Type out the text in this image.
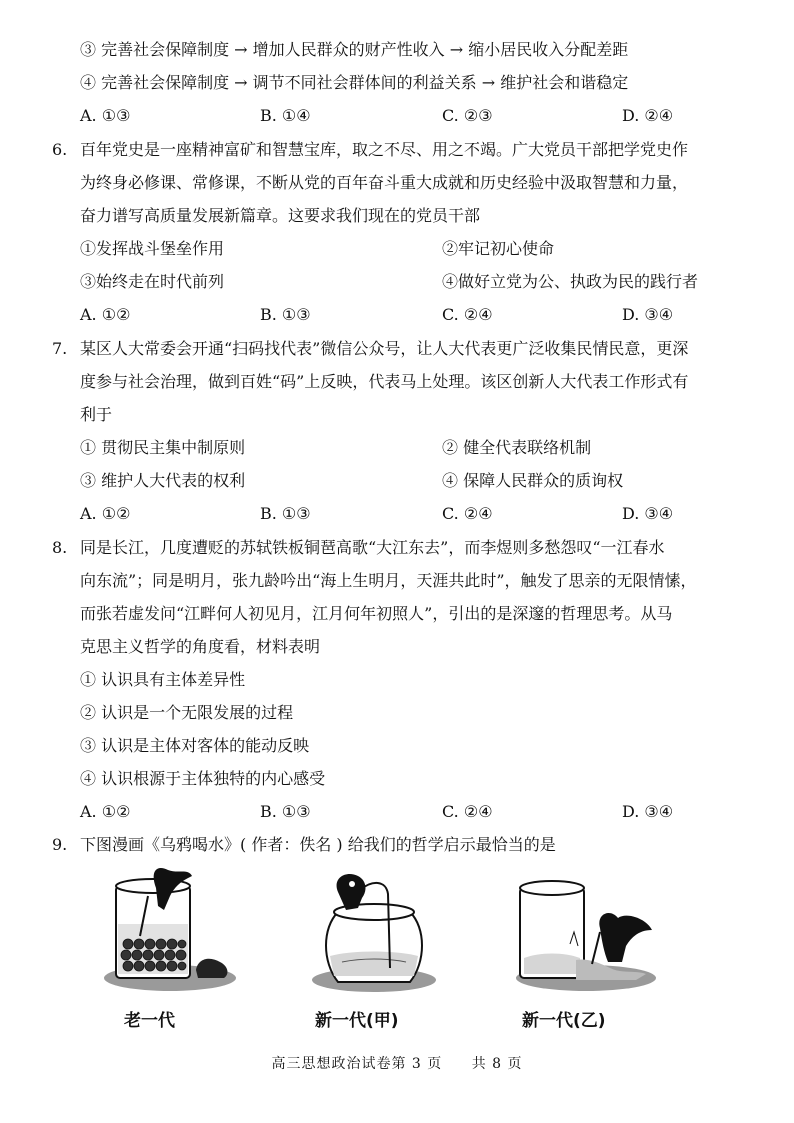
③ 完善社会保障制度 → 增加人民群众的财产性收入 → 缩小居民收入分配差距
④ 完善社会保障制度 → 调节不同社会群体间的利益关系 → 维护社会和谐稳定
A. ①③	B. ①④	C. ②③	D. ②④
6. 百年党史是一座精神富矿和智慧宝库，取之不尽、用之不竭。广大党员干部把学党史作
为终身必修课、常修课，不断从党的百年奋斗重大成就和历史经验中汲取智慧和力量，
奋力谱写高质量发展新篇章。这要求我们现在的党员干部
①发挥战斗堡垒作用	②牢记初心使命
③始终走在时代前列	④做好立党为公、执政为民的践行者
A. ①②	B. ①③	C. ②④	D. ③④
7. 某区人大常委会开通“扫码找代表”微信公众号，让人大代表更广泛收集民情民意，更深
度参与社会治理，做到百姓“码”上反映，代表马上处理。该区创新人大代表工作形式有
利于
① 贯彻民主集中制原则	② 健全代表联络机制
③ 维护人大代表的权利	④ 保障人民群众的质询权
A. ①②	B. ①③	C. ②④	D. ③④
8. 同是长江，几度遭贬的苏轼铁板铜琶高歌“大江东去”，而李煜则多愁怨叹“一江春水
向东流”；同是明月，张九龄吟出“海上生明月，天涯共此时”，触发了思亲的无限情愫，
而张若虚发问“江畔何人初见月，江月何年初照人”，引出的是深邃的哲理思考。从马
克思主义哲学的角度看，材料表明
① 认识具有主体差异性
② 认识是一个无限发展的过程
③ 认识是主体对客体的能动反映
④ 认识根源于主体独特的内心感受
A. ①②	B. ①③	C. ②④	D. ③④
9. 下图漫画《乌鸦喝水》( 作者：佚名 ) 给我们的哲学启示最恰当的是
老一代	新一代(甲)	新一代(乙)
高三思想政治试卷第 3 页 共 8 页
